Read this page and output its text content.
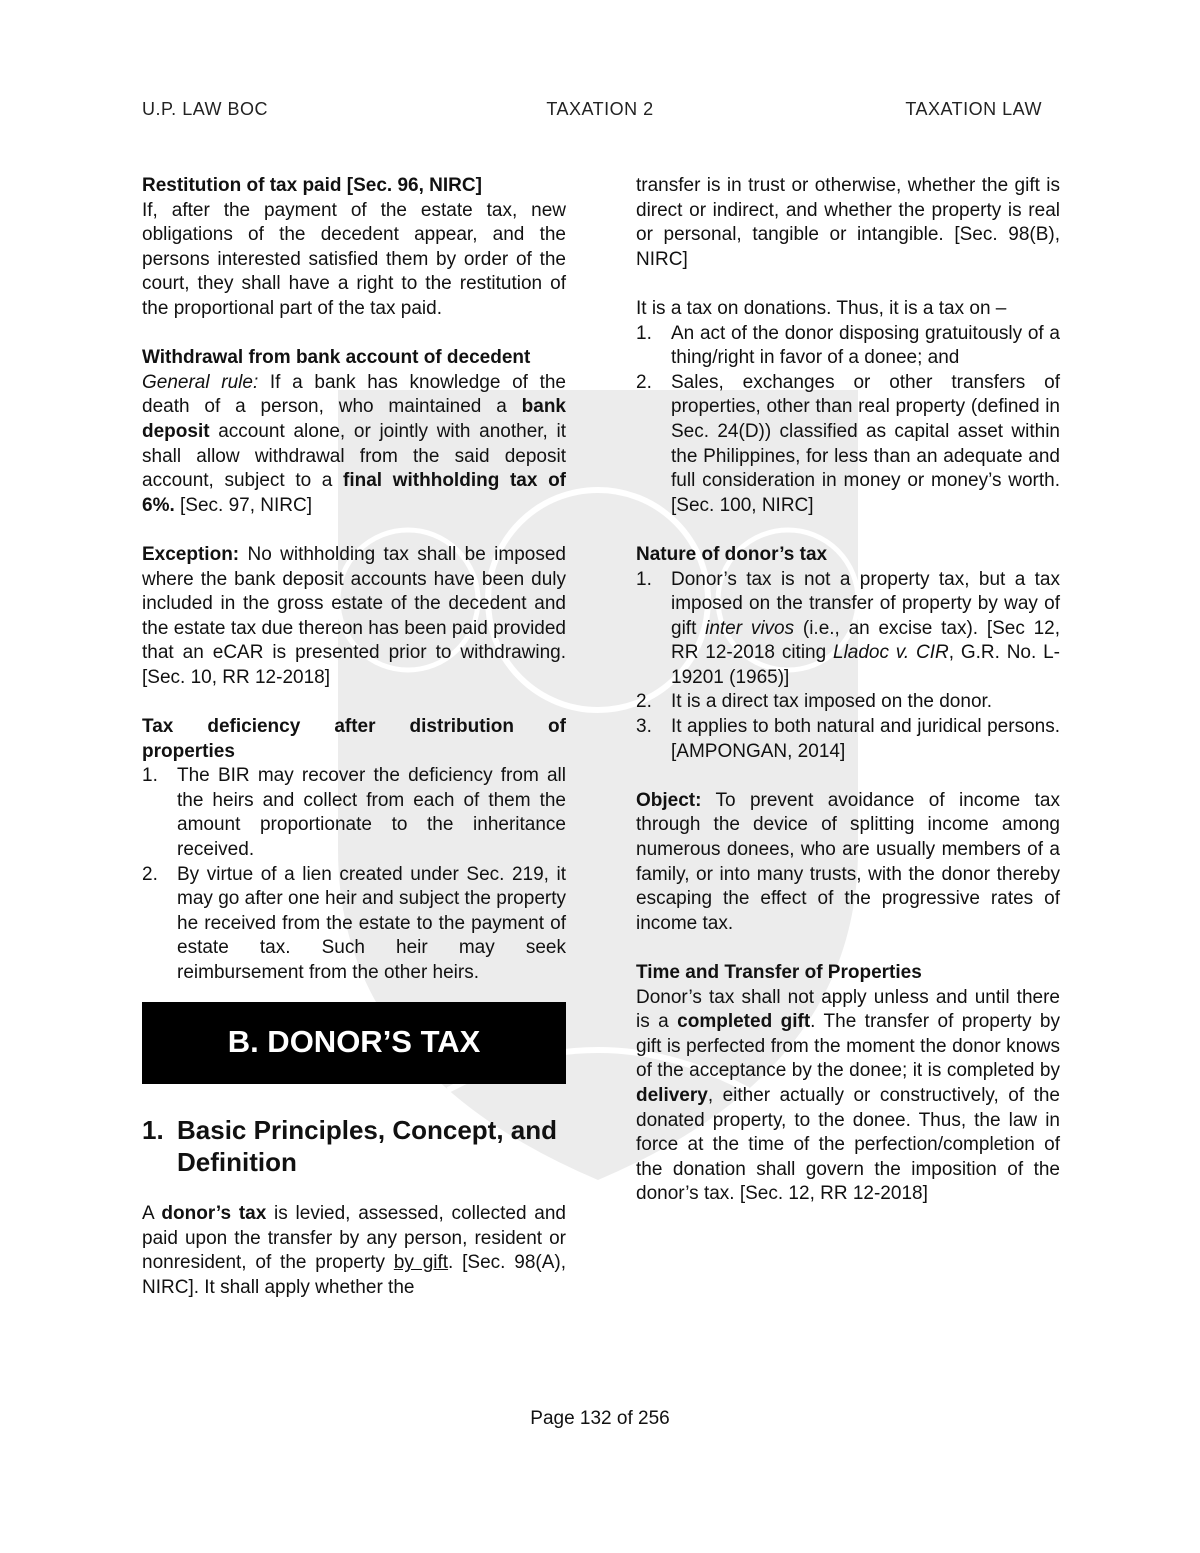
U.P. LAW BOC	TAXATION 2	TAXATION LAW

Restitution of tax paid [Sec. 96, NIRC]

If, after the payment of the estate tax, new obligations of the decedent appear, and the persons interested satisfied them by order of the court, they shall have a right to the restitution of the proportional part of the tax paid.

Withdrawal from bank account of decedent

General rule: If a bank has knowledge of the death of a person, who maintained a bank deposit account alone, or jointly with another, it shall allow withdrawal from the said deposit account, subject to a final withholding tax of 6%. [Sec. 97, NIRC]

Exception: No withholding tax shall be imposed where the bank deposit accounts have been duly included in the gross estate of the decedent and the estate tax due thereon has been paid provided that an eCAR is presented prior to withdrawing. [Sec. 10, RR 12-2018]

Tax deficiency after distribution of

properties

1. The BIR may recover the deficiency from all the heirs and collect from each of them the amount proportionate to the inheritance received.
2. By virtue of a lien created under Sec. 219, it may go after one heir and subject the property he received from the estate to the payment of estate tax. Such heir may seek reimbursement from the other heirs.
B. DONOR’S TAX
1. Basic Principles, Concept, and Definition

A donor’s tax is levied, assessed, collected and paid upon the transfer by any person, resident or nonresident, of the property by gift. [Sec. 98(A), NIRC]. It shall apply whether the

transfer is in trust or otherwise, whether the gift is direct or indirect, and whether the property is real or personal, tangible or intangible. [Sec. 98(B), NIRC]

It is a tax on donations. Thus, it is a tax on –

1. An act of the donor disposing gratuitously of a thing/right in favor of a donee; and
2. Sales, exchanges or other transfers of properties, other than real property (defined in Sec. 24(D)) classified as capital asset within the Philippines, for less than an adequate and full consideration in money or money’s worth. [Sec. 100, NIRC]

Nature of donor’s tax

1. Donor’s tax is not a property tax, but a tax imposed on the transfer of property by way of gift inter vivos (i.e., an excise tax). [Sec 12, RR 12-2018 citing Lladoc v. CIR, G.R. No. L-19201 (1965)]
2. It is a direct tax imposed on the donor.
3. It applies to both natural and juridical persons. [AMPONGAN, 2014]

Object: To prevent avoidance of income tax through the device of splitting income among numerous donees, who are usually members of a family, or into many trusts, with the donor thereby escaping the effect of the progressive rates of income tax.

Time and Transfer of Properties

Donor’s tax shall not apply unless and until there is a completed gift. The transfer of property by gift is perfected from the moment the donor knows of the acceptance by the donee; it is completed by delivery, either actually or constructively, of the donated property, to the donee. Thus, the law in force at the time of the perfection/completion of the donation shall govern the imposition of the donor’s tax. [Sec. 12, RR 12-2018]

Page 132 of 256
